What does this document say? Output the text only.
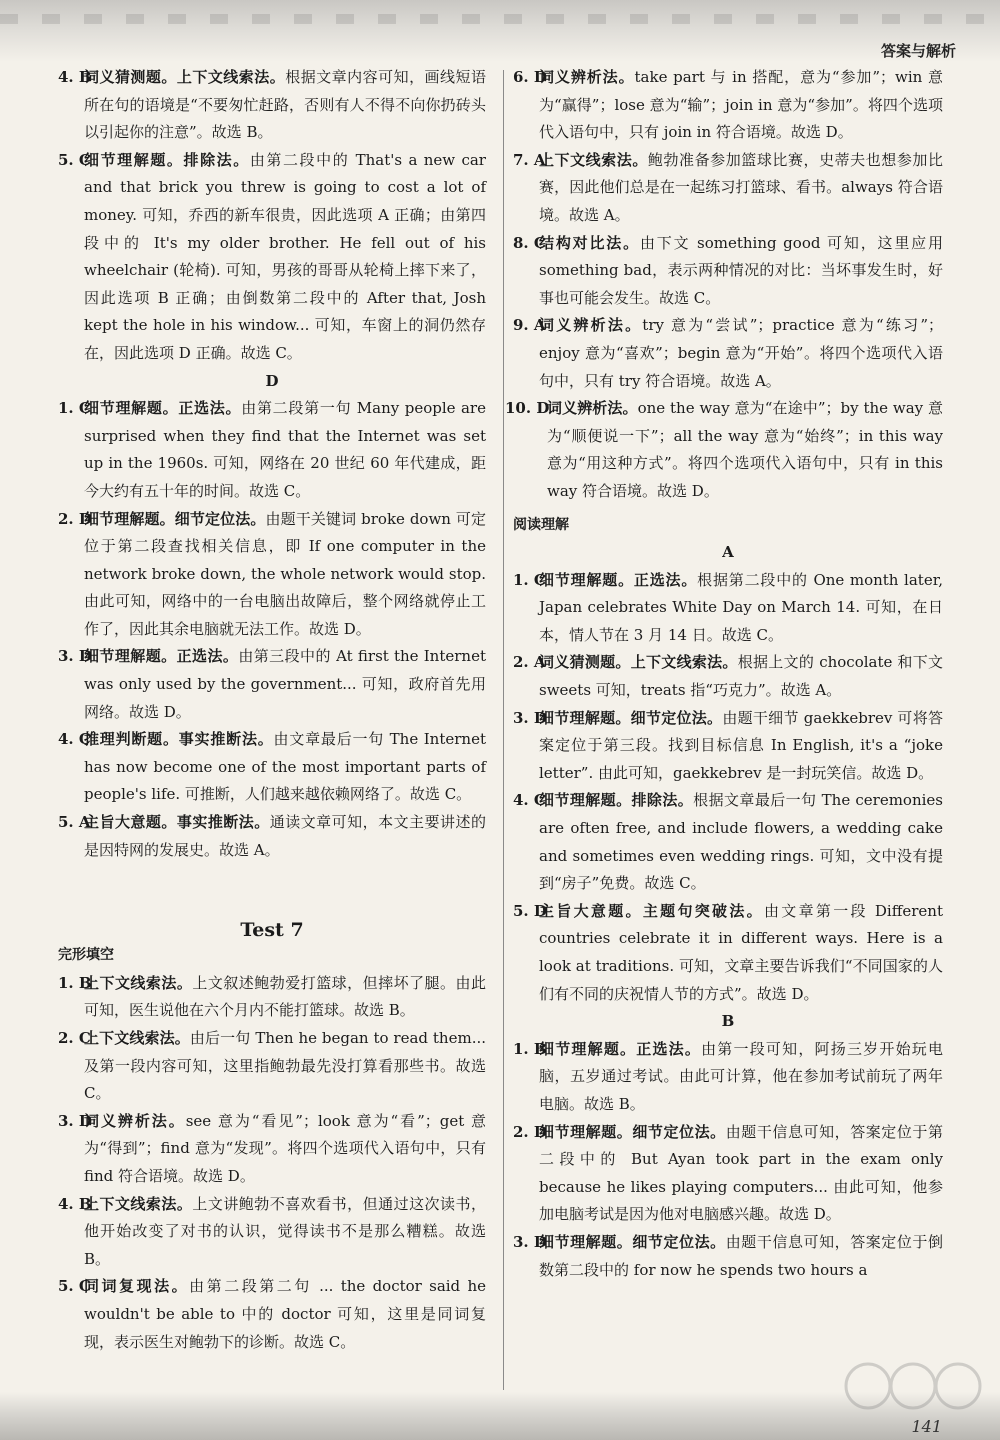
答案与解析
4. B
词义猜测题。上下文线索法。根据文章内容可知，画线短语所在句的语境是“不要匆忙赶路，否则有人不得不向你扔砖头以引起你的注意”。故选 B。
5. C
细节理解题。排除法。由第二段中的 That's a new car and that brick you threw is going to cost a lot of money. 可知，乔西的新车很贵，因此选项 A 正确；由第四段中的 It's my older brother. He fell out of his wheelchair (轮椅). 可知，男孩的哥哥从轮椅上摔下来了，因此选项 B 正确；由倒数第二段中的 After that, Josh kept the hole in his window... 可知，车窗上的洞仍然存在，因此选项 D 正确。故选 C。

D

1. C
细节理解题。正选法。由第二段第一句 Many people are surprised when they find that the Internet was set up in the 1960s. 可知，网络在 20 世纪 60 年代建成，距今大约有五十年的时间。故选 C。
2. D
细节理解题。细节定位法。由题干关键词 broke down 可定位于第二段查找相关信息，即 If one computer in the network broke down, the whole network would stop. 由此可知，网络中的一台电脑出故障后，整个网络就停止工作了，因此其余电脑就无法工作。故选 D。
3. D
细节理解题。正选法。由第三段中的 At first the Internet was only used by the government... 可知，政府首先用网络。故选 D。
4. C
推理判断题。事实推断法。由文章最后一句 The Internet has now become one of the most important parts of people's life. 可推断，人们越来越依赖网络了。故选 C。
5. A
主旨大意题。事实推断法。通读文章可知，本文主要讲述的是因特网的发展史。故选 A。

Test 7

完形填空

1. B
上下文线索法。上文叙述鲍勃爱打篮球，但摔坏了腿。由此可知，医生说他在六个月内不能打篮球。故选 B。
2. C
上下文线索法。由后一句 Then he began to read them... 及第一段内容可知，这里指鲍勃最先没打算看那些书。故选 C。
3. D
词义辨析法。see 意为“看见”；look 意为“看”；get 意为“得到”；find 意为“发现”。将四个选项代入语句中，只有 find 符合语境。故选 D。
4. B
上下文线索法。上文讲鲍勃不喜欢看书，但通过这次读书，他开始改变了对书的认识，觉得读书不是那么糟糕。故选 B。
5. C
同词复现法。由第二段第二句 ... the doctor said he wouldn't be able to 中的 doctor 可知，这里是同词复现，表示医生对鲍勃下的诊断。故选 C。
6. D
词义辨析法。take part 与 in 搭配，意为“参加”；win 意为“赢得”；lose 意为“输”；join in 意为“参加”。将四个选项代入语句中，只有 join in 符合语境。故选 D。
7. A
上下文线索法。鲍勃准备参加篮球比赛，史蒂夫也想参加比赛，因此他们总是在一起练习打篮球、看书。always 符合语境。故选 A。
8. C
结构对比法。由下文 something good 可知，这里应用 something bad，表示两种情况的对比：当坏事发生时，好事也可能会发生。故选 C。
9. A
词义辨析法。try 意为“尝试”；practice 意为“练习”；enjoy 意为“喜欢”；begin 意为“开始”。将四个选项代入语句中，只有 try 符合语境。故选 A。
10. D
词义辨析法。one the way 意为“在途中”；by the way 意为“顺便说一下”；all the way 意为“始终”；in this way 意为“用这种方式”。将四个选项代入语句中，只有 in this way 符合语境。故选 D。

阅读理解

A

1. C
细节理解题。正选法。根据第二段中的 One month later, Japan celebrates White Day on March 14. 可知，在日本，情人节在 3 月 14 日。故选 C。
2. A
词义猜测题。上下文线索法。根据上文的 chocolate 和下文 sweets 可知，treats 指“巧克力”。故选 A。
3. D
细节理解题。细节定位法。由题干细节 gaekkebrev 可将答案定位于第三段。找到目标信息 In English, it's a “joke letter”. 由此可知，gaekkebrev 是一封玩笑信。故选 D。
4. C
细节理解题。排除法。根据文章最后一句 The ceremonies are often free, and include flowers, a wedding cake and sometimes even wedding rings. 可知，文中没有提到“房子”免费。故选 C。
5. D
主旨大意题。主题句突破法。由文章第一段 Different countries celebrate it in different ways. Here is a look at traditions. 可知，文章主要告诉我们“不同国家的人们有不同的庆祝情人节的方式”。故选 D。

B

1. B
细节理解题。正选法。由第一段可知，阿扬三岁开始玩电脑，五岁通过考试。由此可计算，他在参加考试前玩了两年电脑。故选 B。
2. D
细节理解题。细节定位法。由题干信息可知，答案定位于第二段中的 But Ayan took part in the exam only because he likes playing computers... 由此可知，他参加电脑考试是因为他对电脑感兴趣。故选 D。
3. D
细节理解题。细节定位法。由题干信息可知，答案定位于倒数第二段中的 for now he spends two hours a
141
